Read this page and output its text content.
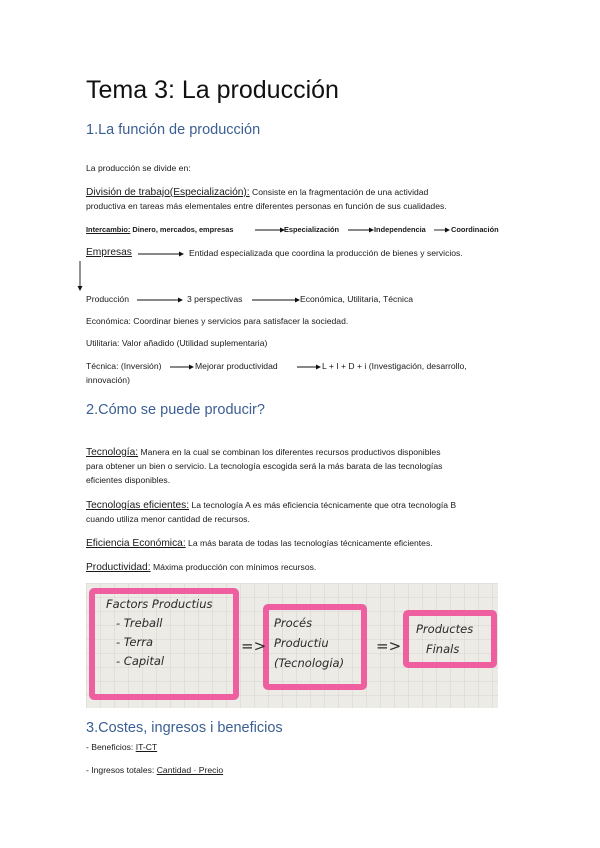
Tema 3: La producción
1.La función de producción
La producción se divide en:
División de trabajo(Especialización): Consiste en la fragmentación de una actividad
productiva en tareas más elementales entre diferentes personas en función de sus cualidades.
Intercambio: Dinero, mercados, empresas	Especialización	Independencia	Coordinación
Empresas	Entidad especializada que coordina la producción de bienes y servicios.
Producción	3 perspectivas	Económica, Utilitaria, Técnica
Económica: Coordinar bienes y servicios para satisfacer la sociedad.
Utilitaria: Valor añadido (Utilidad suplementaria)
Técnica: (Inversión)	Mejorar productividad	L + I + D + i (Investigación, desarrollo,
innovación)
2.Cómo se puede producir?
Tecnología: Manera en la cual se combinan los diferentes recursos productivos disponibles
para obtener un bien o servicio. La tecnología escogida será la más barata de las tecnologías
eficientes disponibles.
Tecnologías eficientes: La tecnología A es más eficiencia técnicamente que otra tecnología B
cuando utiliza menor cantidad de recursos.
Eficiencia Económica: La más barata de todas las tecnologías técnicamente eficientes.
Productividad: Máxima producción con mínimos recursos.
Factors Productius
- Treball
- Terra
- Capital
=>
Procés
Productiu
(Tecnologia)
=>
Productes
Finals
3.Costes, ingresos i beneficios
- Beneficios: IT-CT
- Ingresos totales: Cantidad · Precio
